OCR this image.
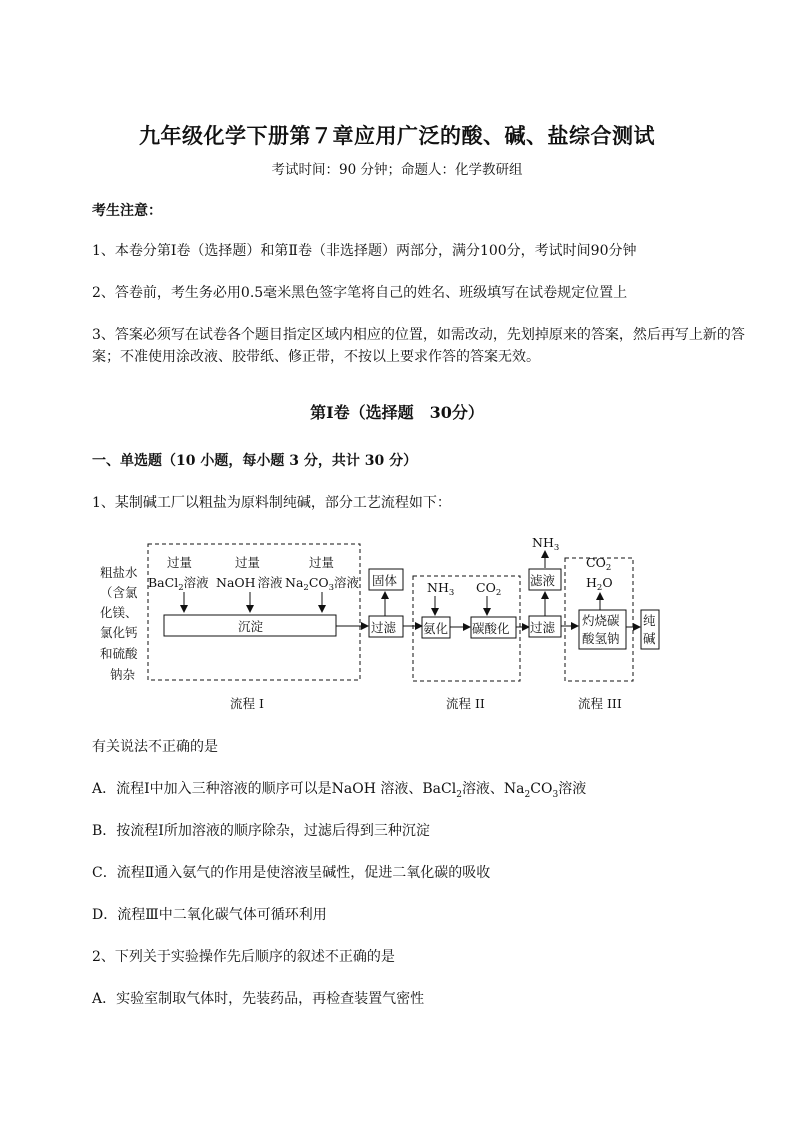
九年级化学下册第７章应用广泛的酸、碱、盐综合测试
考试时间：90 分钟；命题人：化学教研组
考生注意：
1、本卷分第Ⅰ卷（选择题）和第Ⅱ卷（非选择题）两部分，满分100分，考试时间90分钟
2、答卷前，考生务必用0.5毫米黑色签字笔将自己的姓名、班级填写在试卷规定位置上
3、答案必须写在试卷各个题目指定区域内相应的位置，如需改动，先划掉原来的答案，然后再写上新的答案；不准使用涂改液、胶带纸、修正带，不按以上要求作答的答案无效。
第Ⅰ卷（选择题　30分）
一、单选题（10 小题，每小题 3 分，共计 30 分）
1、某制碱工厂以粗盐为原料制纯碱，部分工艺流程如下：
粗盐水
（含氯
化镁、
氯化钙
和硫酸
钠杂
过量	过量	过量
BaCl$_2$溶液 NaOH 溶液 $Na_2CO_3$溶液
沉淀
固体
过滤
$NH_3$ $CO_2$
氨化 碳酸化
$NH_3$
滤液
过滤
$CO_2$
$H_2O$
灼烧碳
酸氢钠
纯
碱
流程 I	流程 II	流程 III
有关说法不正确的是
A．流程Ⅰ中加入三种溶液的顺序可以是NaOH 溶液、BaCl$_2$溶液、$Na_2CO_3$溶液
B．按流程Ⅰ所加溶液的顺序除杂，过滤后得到三种沉淀
C．流程Ⅱ通入氨气的作用是使溶液呈碱性，促进二氧化碳的吸收
D．流程Ⅲ中二氧化碳气体可循环利用
2、下列关于实验操作先后顺序的叙述不正确的是
A．实验室制取气体时，先装药品，再检查装置气密性
